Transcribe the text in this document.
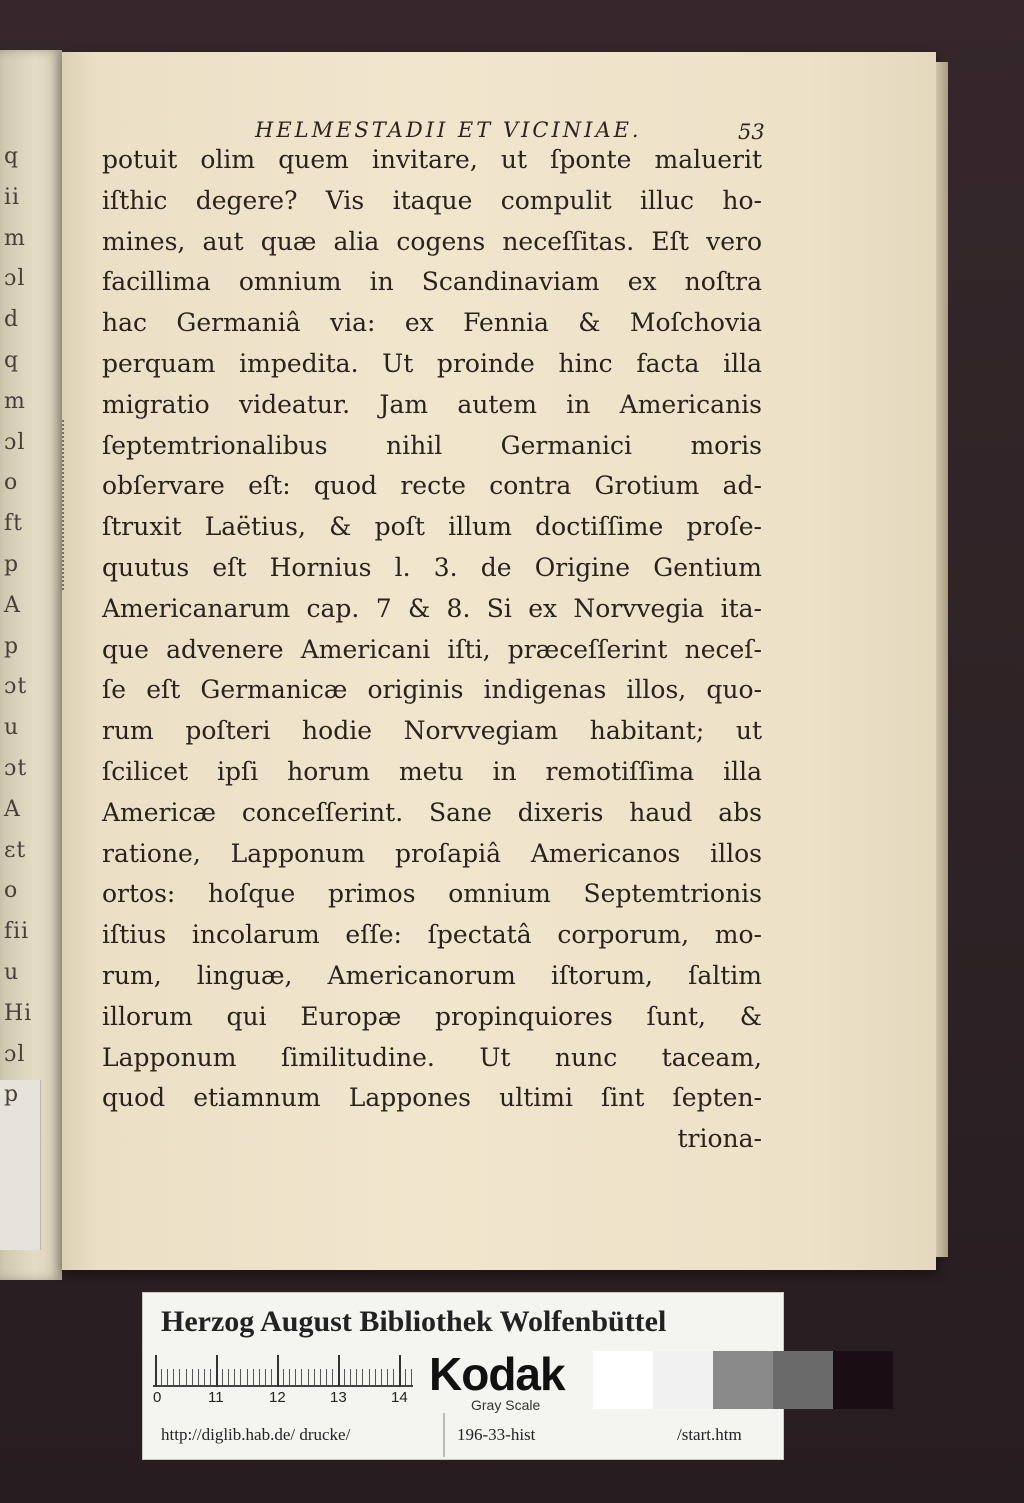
q
ii
m
ɔl
d
q
m
ɔl
o
ft
p
A
p
ɔt
u
ɔt
A
ɛt
o
fii
u
Hi
ɔl
p
HELMESTADII ET VICINIAE.	53
potuit olim quem invitare, ut ſponte maluerit
iſthic degere? Vis itaque compulit illuc ho-
mines, aut quæ alia cogens neceſſitas. Eſt vero
facillima omnium in Scandinaviam ex noſtra
hac Germaniâ via: ex Fennia & Moſchovia
perquam impedita. Ut proinde hinc facta illa
migratio videatur. Jam autem in Americanis
ſeptemtrionalibus nihil Germanici moris
obſervare eſt: quod recte contra Grotium ad-
ſtruxit Laëtius, & poſt illum doctiſſime proſe-
quutus eſt Hornius l. 3. de Origine Gentium
Americanarum cap. 7 & 8. Si ex Norvvegia ita-
que advenere Americani iſti, præceſſerint neceſ-
ſe eſt Germanicæ originis indigenas illos, quo-
rum poſteri hodie Norvvegiam habitant; ut
ſcilicet ipſi horum metu in remotiſſima illa
Americæ conceſſerint. Sane dixeris haud abs
ratione, Lapponum proſapiâ Americanos illos
ortos: hoſque primos omnium Septemtrionis
iſtius incolarum eſſe: ſpectatâ corporum, mo-
rum, linguæ, Americanorum iſtorum, ſaltim
illorum qui Europæ propinquiores ſunt, &
Lapponum ſimilitudine. Ut nunc taceam,
quod etiamnum Lappones ultimi ſint ſepten-
triona-
Herzog August Bibliothek Wolfenbüttel
0	11	12	13	14 Kodak
Gray Scale
http://diglib.hab.de/ drucke/	196-33-hist	/start.htm
